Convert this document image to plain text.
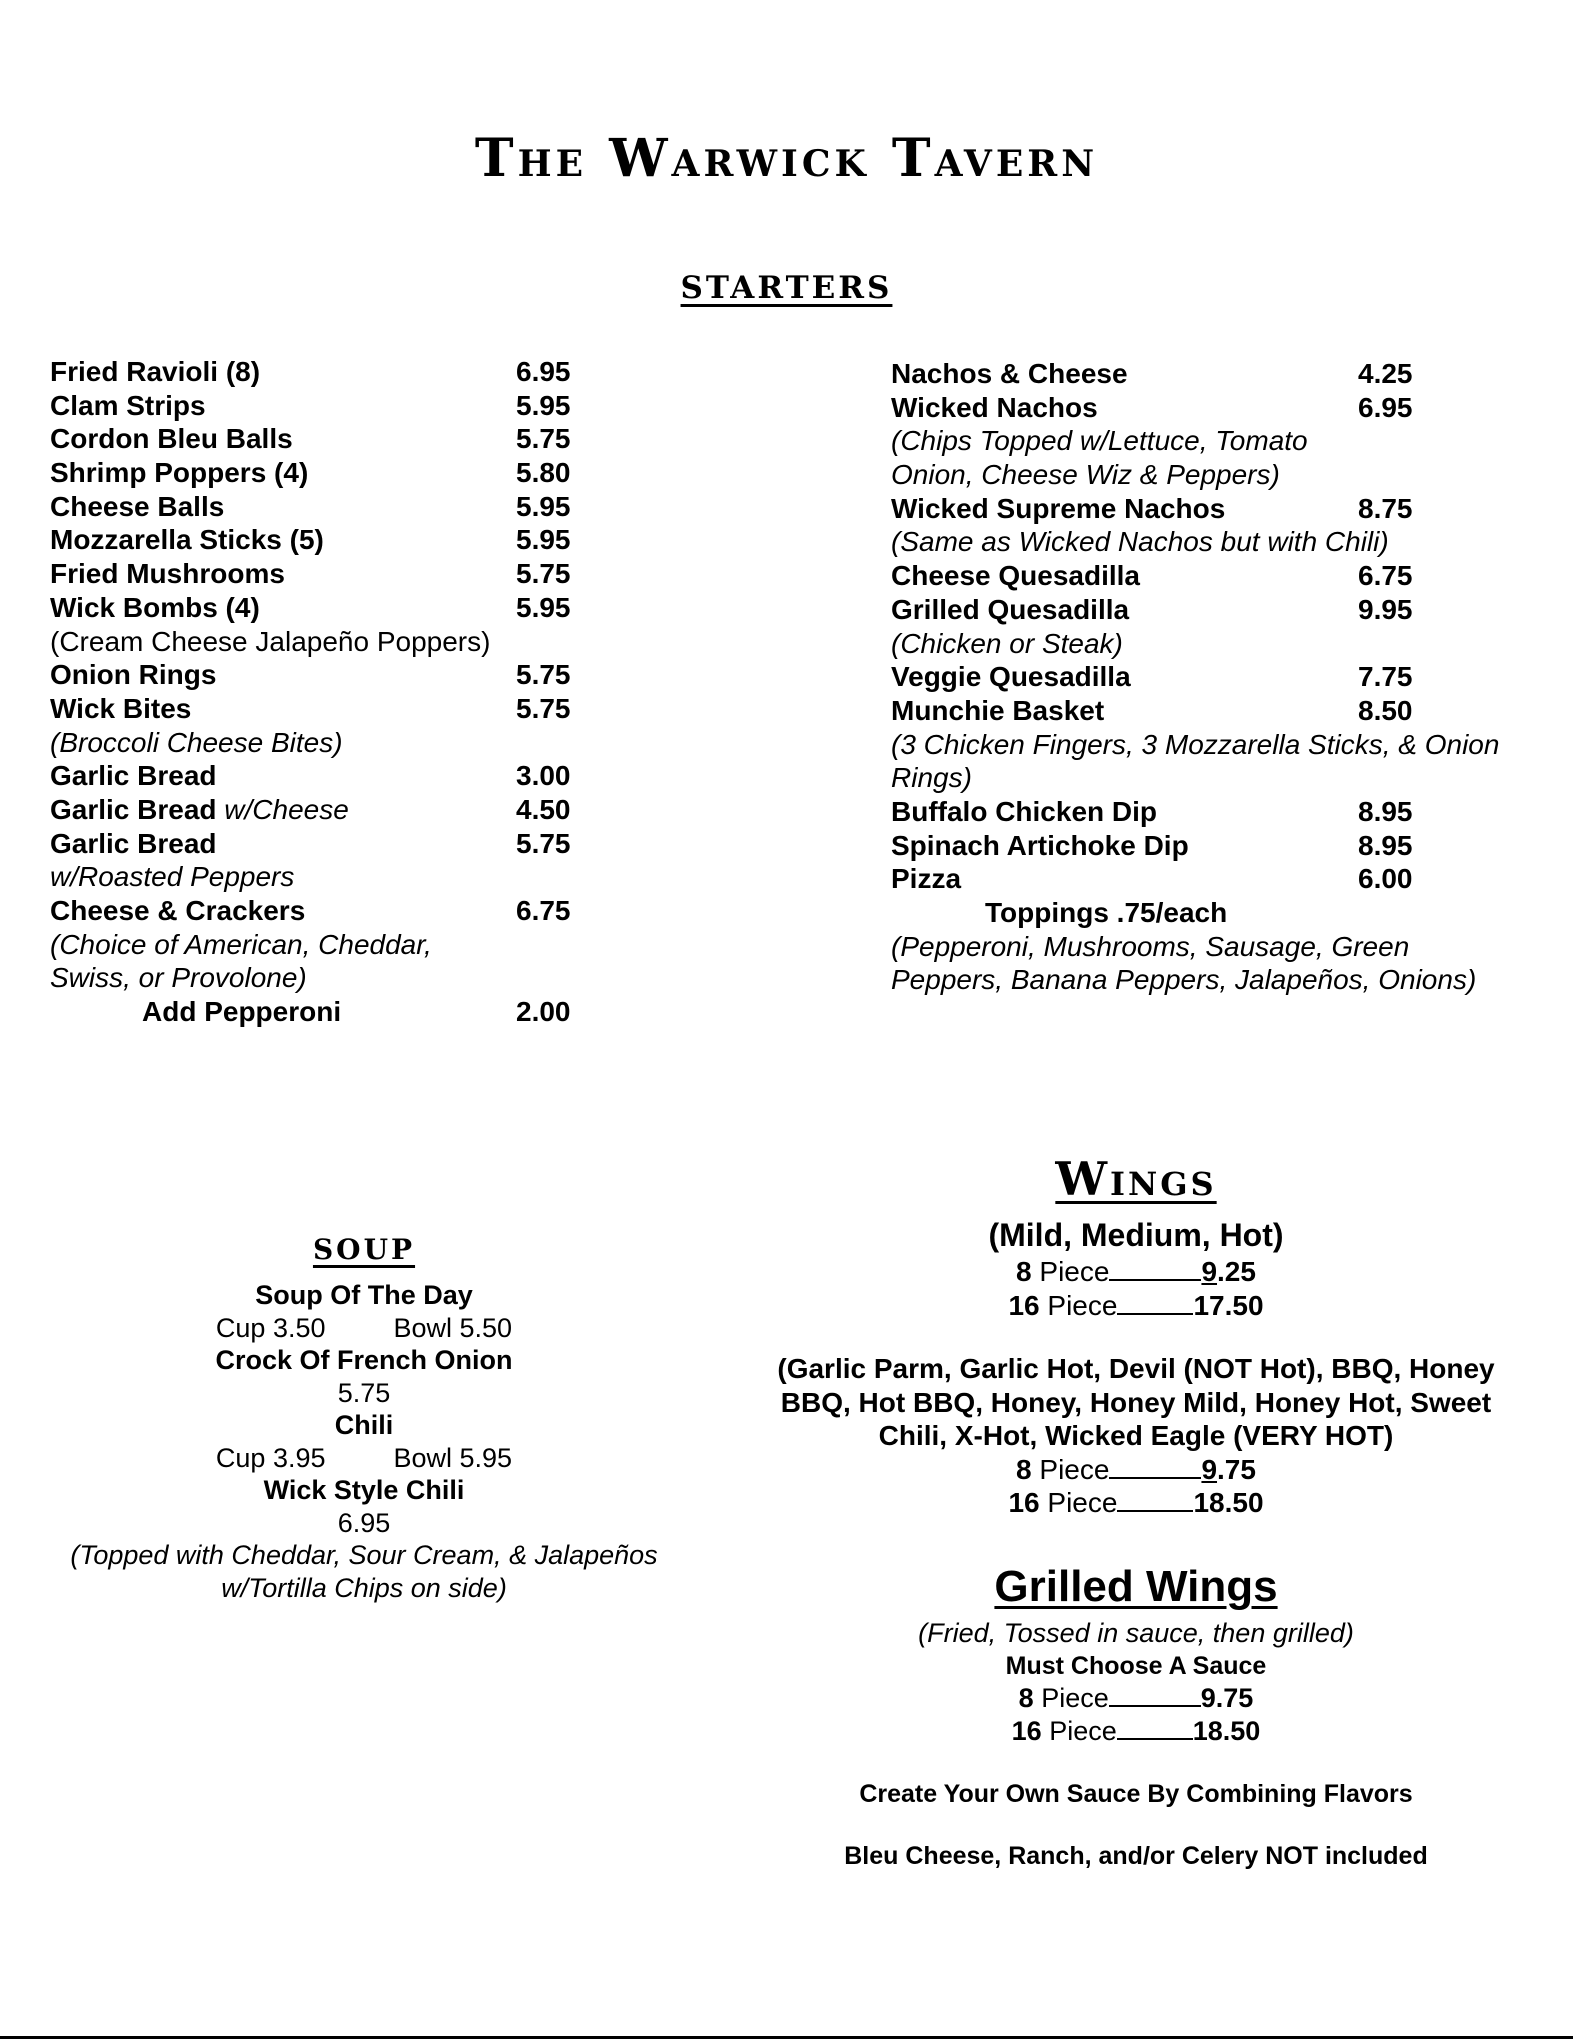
The Warwick Tavern
starters
Fried Ravioli (8)	6.95
Clam Strips	5.95
Cordon Bleu Balls	5.75
Shrimp Poppers (4)	5.80
Cheese Balls	5.95
Mozzarella Sticks (5)	5.95
Fried Mushrooms	5.75
Wick Bombs (4)	5.95
(Cream Cheese Jalapeño Poppers)
Onion Rings	5.75
Wick Bites	5.75
(Broccoli Cheese Bites)
Garlic Bread	3.00
Garlic Bread w/Cheese	4.50
Garlic Bread	5.75
w/Roasted Peppers
Cheese & Crackers	6.75
(Choice of American, Cheddar,
Swiss, or Provolone)
Add Pepperoni	2.00
Nachos & Cheese	4.25
Wicked Nachos	6.95
(Chips Topped w/Lettuce, Tomato
Onion, Cheese Wiz & Peppers)
Wicked Supreme Nachos	8.75
(Same as Wicked Nachos but with Chili)
Cheese Quesadilla	6.75
Grilled Quesadilla	9.95
(Chicken or Steak)
Veggie Quesadilla	7.75
Munchie Basket	8.50
(3 Chicken Fingers, 3 Mozzarella Sticks, & Onion
Rings)
Buffalo Chicken Dip	8.95
Spinach Artichoke Dip	8.95
Pizza	6.00
Toppings .75/each
(Pepperoni, Mushrooms, Sausage, Green
Peppers, Banana Peppers, Jalapeños, Onions)
soup
Soup Of The Day
Cup 3.50	Bowl 5.50
Crock Of French Onion
5.75
Chili
Cup 3.95	Bowl 5.95
Wick Style Chili
6.95
(Topped with Cheddar, Sour Cream, & Jalapeños
w/Tortilla Chips on side)
Wings
(Mild, Medium, Hot)
8 Piece	9.25
16 Piece	17.50
(Garlic Parm, Garlic Hot, Devil (NOT Hot), BBQ, Honey
BBQ, Hot BBQ, Honey, Honey Mild, Honey Hot, Sweet
Chili, X-Hot, Wicked Eagle (VERY HOT)
8 Piece	9.75
16 Piece	18.50
Grilled Wings
(Fried, Tossed in sauce, then grilled)
Must Choose A Sauce
8 Piece	9.75
16 Piece	18.50
Create Your Own Sauce By Combining Flavors
Bleu Cheese, Ranch, and/or Celery NOT included
